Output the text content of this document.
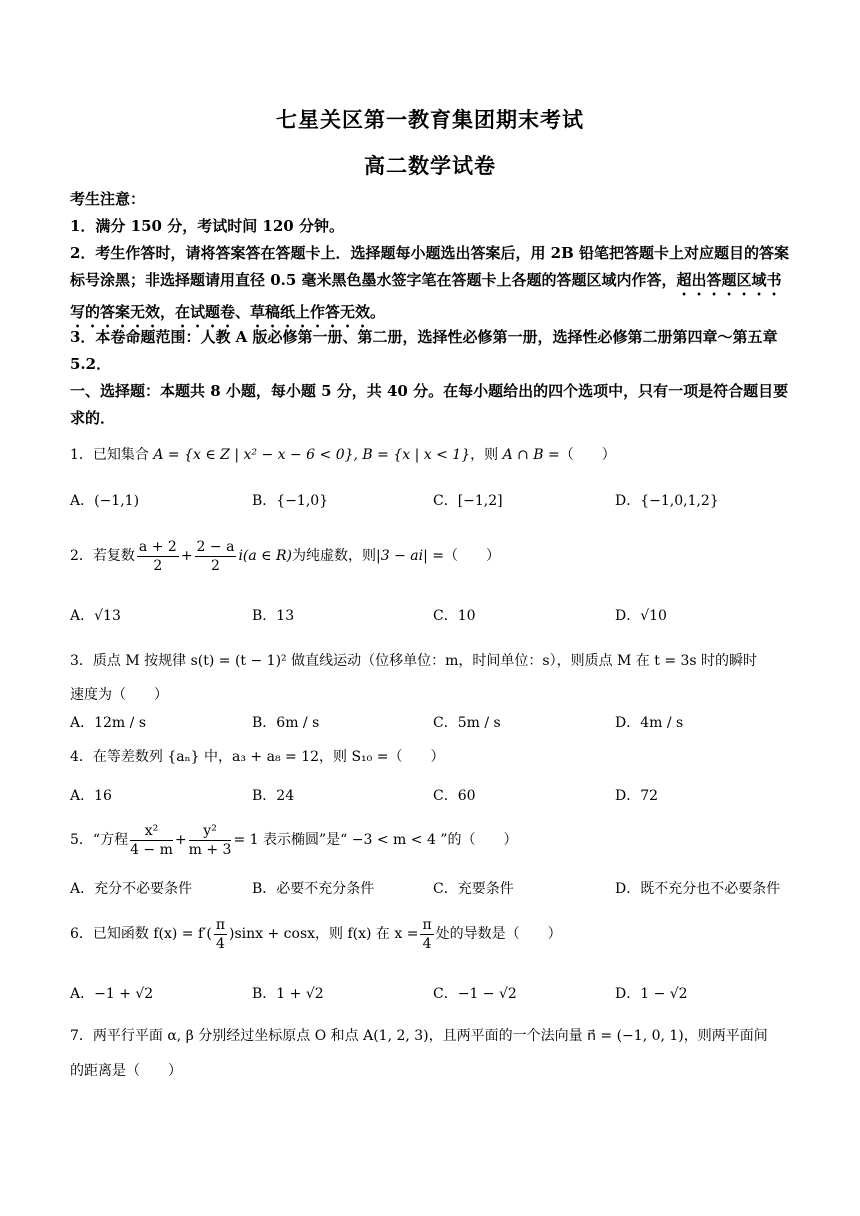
七星关区第一教育集团期末考试
高二数学试卷
考生注意：
1．满分 150 分，考试时间 120 分钟。
2．考生作答时，请将答案答在答题卡上．选择题每小题选出答案后，用 2B 铅笔把答题卡上对应题目的答案标号涂黑；非选择题请用直径 0.5 毫米黑色墨水签字笔在答题卡上各题的答题区域内作答，超出答题区域书写的答案无效，在试题卷、草稿纸上作答无效。
3．本卷命题范围：人教 A 版必修第一册、第二册，选择性必修第一册，选择性必修第二册第四章～第五章 5.2．
一、选择题：本题共 8 小题，每小题 5 分，共 40 分。在每小题给出的四个选项中，只有一项是符合题目要求的．
1．已知集合 A = {x ∈ Z | x² − x − 6 < 0}, B = {x | x < 1}，则 A ∩ B =（　　）
A．(−1,1)	B．{−1,0}	C．[−1,2]	D．{−1,0,1,2}
2．若复数 $\frac{a + 2}{2} + \frac{2 - a}{2} i(a$ ∈ R)为纯虚数，则|3 − ai| =（　　）
A．√13	B．13	C．10	D．√10
3．质点 M 按规律 s(t) = (t − 1)² 做直线运动（位移单位：m，时间单位：s），则质点 M 在 t = 3s 时的瞬时
速度为（　　）
A．12m / s	B．6m / s	C．5m / s	D．4m / s
4．在等差数列 {aₙ} 中，a₃ + a₈ = 12，则 S₁₀ =（　　）
A．16	B．24	C．60	D．72
5．“方程 $\frac{\text{x²}}{4 - m} + \frac{\text{y²}}{m + 3} = 1$ 表示椭圆”是“ −3 < m < 4 ”的（　　）
A．充分不必要条件	B．必要不充分条件	C．充要条件	D．既不充分也不必要条件
6．已知函数 $f(x) = f'( \frac{\pi}{4} )\sin x + \cos x$，则 f(x) 在 $x = \frac{\pi}{4}$ 处的导数是（　　）
A．−1 + √2	B．1 + √2	C．−1 − √2	D．1 − √2
7．两平行平面 α, β 分别经过坐标原点 O 和点 A(1, 2, 3)，且两平面的一个法向量 n⃗ = (−1, 0, 1)，则两平面间
的距离是（　　）
